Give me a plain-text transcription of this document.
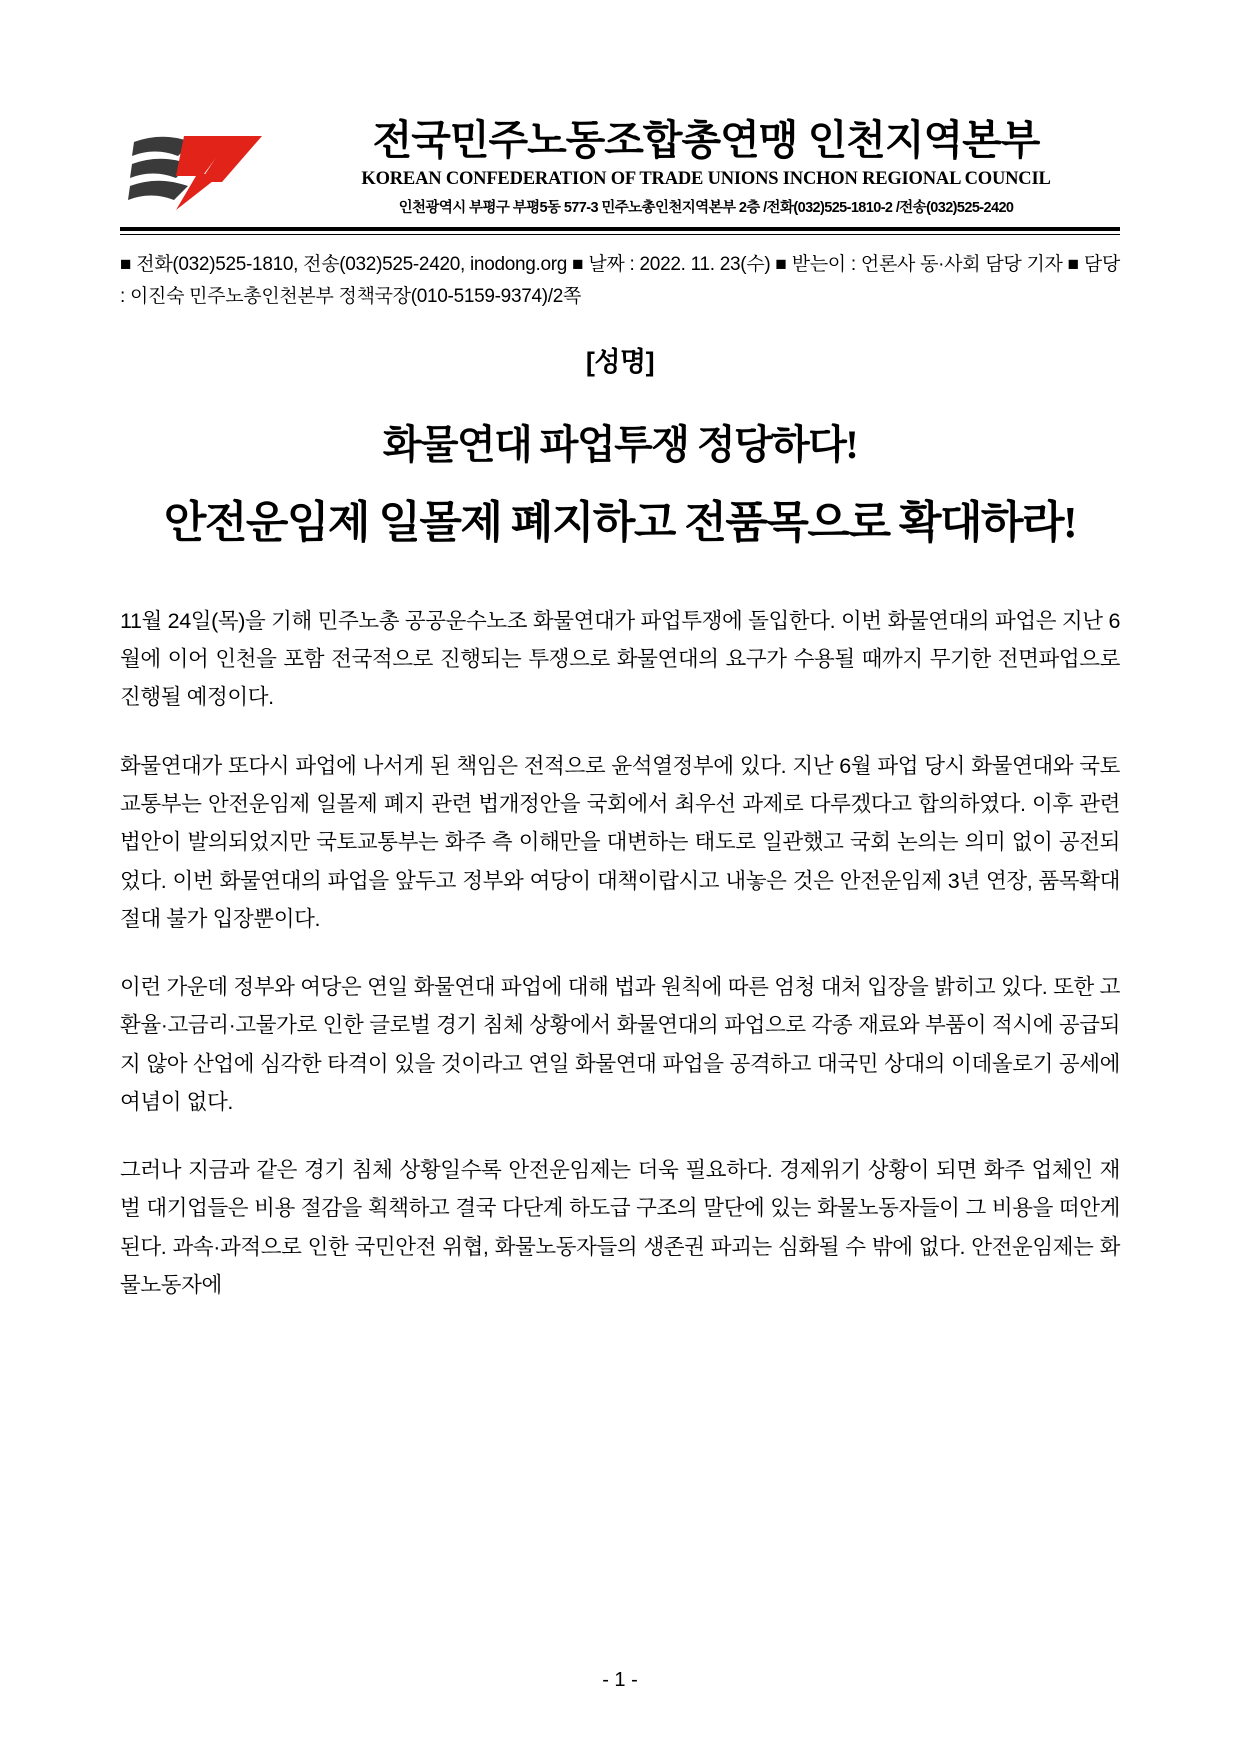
전국민주노동조합총연맹 인천지역본부
KOREAN CONFEDERATION OF TRADE UNIONS INCHON REGIONAL COUNCIL
인천광역시 부평구 부평5동 577-3 민주노총인천지역본부 2층 /전화(032)525-1810-2 /전송(032)525-2420
■ 전화(032)525-1810, 전송(032)525-2420, inodong.org ■ 날짜 : 2022. 11. 23(수) ■ 받는이 : 언론사 동·사회 담당 기자 ■ 담당 : 이진숙 민주노총인천본부 정책국장(010-5159-9374)/2쪽
[성명]
화물연대 파업투쟁 정당하다!
안전운임제 일몰제 폐지하고 전품목으로 확대하라!

11월 24일(목)을 기해 민주노총 공공운수노조 화물연대가 파업투쟁에 돌입한다. 이번 화물연대의 파업은 지난 6월에 이어 인천을 포함 전국적으로 진행되는 투쟁으로 화물연대의 요구가 수용될 때까지 무기한 전면파업으로 진행될 예정이다.

화물연대가 또다시 파업에 나서게 된 책임은 전적으로 윤석열정부에 있다. 지난 6월 파업 당시 화물연대와 국토교통부는 안전운임제 일몰제 폐지 관련 법개정안을 국회에서 최우선 과제로 다루겠다고 합의하였다. 이후 관련 법안이 발의되었지만 국토교통부는 화주 측 이해만을 대변하는 태도로 일관했고 국회 논의는 의미 없이 공전되었다. 이번 화물연대의 파업을 앞두고 정부와 여당이 대책이랍시고 내놓은 것은 안전운임제 3년 연장, 품목확대 절대 불가 입장뿐이다.

이런 가운데 정부와 여당은 연일 화물연대 파업에 대해 법과 원칙에 따른 엄청 대처 입장을 밝히고 있다. 또한 고환율·고금리·고물가로 인한 글로벌 경기 침체 상황에서 화물연대의 파업으로 각종 재료와 부품이 적시에 공급되지 않아 산업에 심각한 타격이 있을 것이라고 연일 화물연대 파업을 공격하고 대국민 상대의 이데올로기 공세에 여념이 없다.

그러나 지금과 같은 경기 침체 상황일수록 안전운임제는 더욱 필요하다. 경제위기 상황이 되면 화주 업체인 재벌 대기업들은 비용 절감을 획책하고 결국 다단계 하도급 구조의 말단에 있는 화물노동자들이 그 비용을 떠안게 된다. 과속·과적으로 인한 국민안전 위협, 화물노동자들의 생존권 파괴는 심화될 수 밖에 없다. 안전운임제는 화물노동자에

- 1 -
